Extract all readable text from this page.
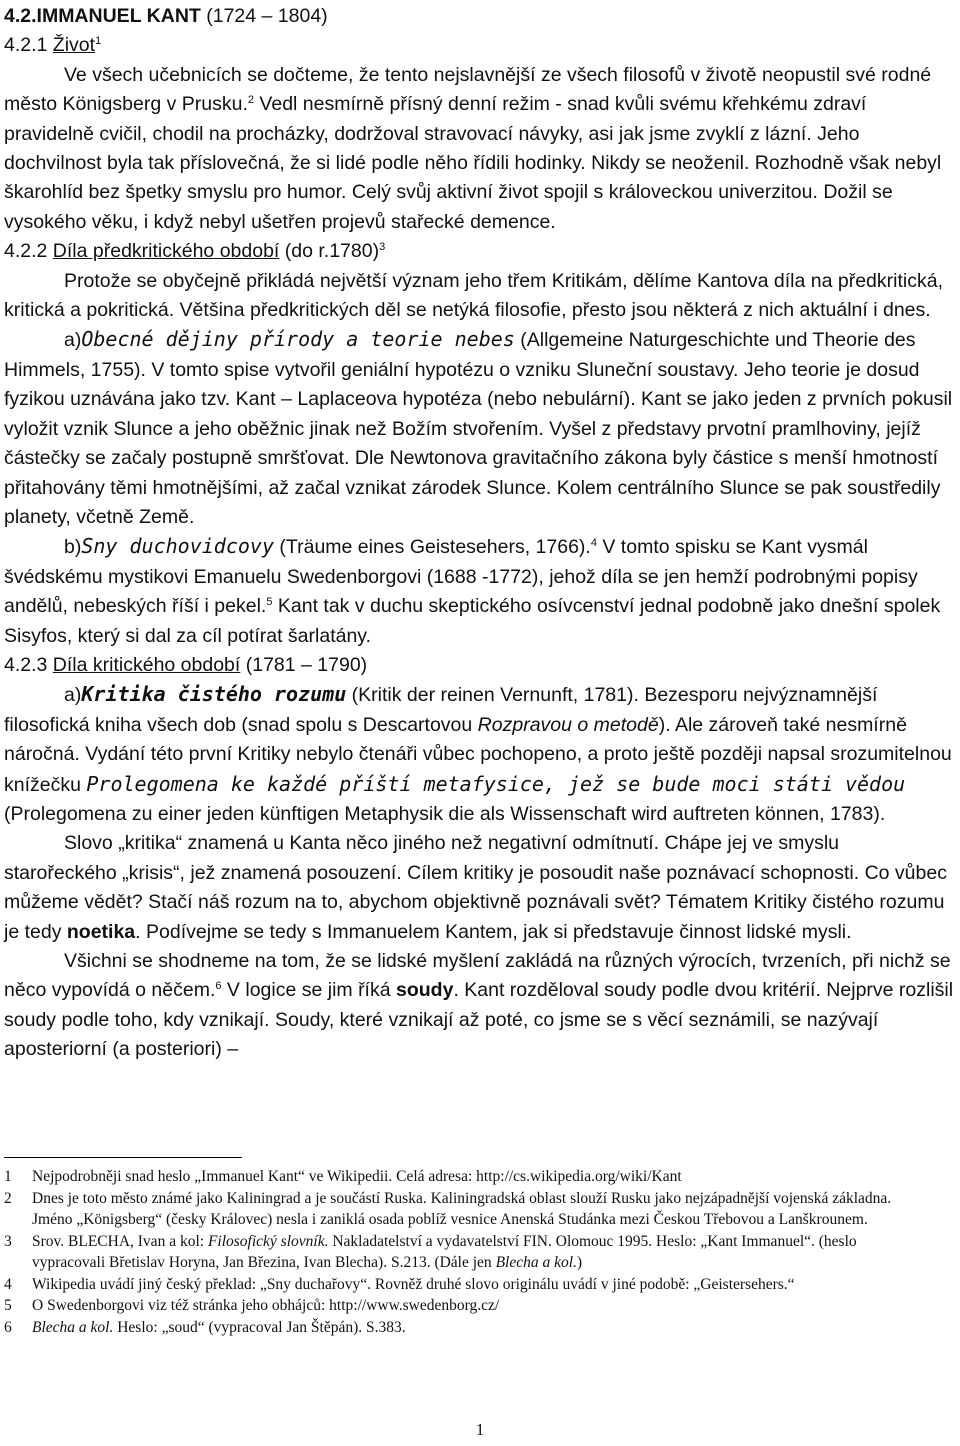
4.2.IMMANUEL KANT (1724 – 1804)

4.2.1 Život$^1$

Ve všech učebnicích se dočteme, že tento nejslavnější ze všech filosofů v životě neopustil své rodné město Königsberg v Prusku.$^2$ Vedl nesmírně přísný denní režim - snad kvůli svému křehkému zdraví pravidelně cvičil, chodil na procházky, dodržoval stravovací návyky, asi jak jsme zvyklí z lázní. Jeho dochvilnost byla tak příslovečná, že si lidé podle něho řídili hodinky. Nikdy se neoženil. Rozhodně však nebyl škarohlíd bez špetky smyslu pro humor. Celý svůj aktivní život spojil s královeckou univerzitou. Dožil se vysokého věku, i když nebyl ušetřen projevů stařecké demence.

4.2.2 Díla předkritického období (do r.1780)$^3$

Protože se obyčejně přikládá největší význam jeho třem Kritikám, dělíme Kantova díla na předkritická, kritická a pokritická. Většina předkritických děl se netýká filosofie, přesto jsou některá z nich aktuální i dnes.

a)Obecné dějiny přírody a teorie nebes (Allgemeine Naturgeschichte und Theorie des Himmels, 1755). V tomto spise vytvořil geniální hypotézu o vzniku Sluneční soustavy. Jeho teorie je dosud fyzikou uznávána jako tzv. Kant – Laplaceova hypotéza (nebo nebulární). Kant se jako jeden z prvních pokusil vyložit vznik Slunce a jeho oběžnic jinak než Božím stvořením. Vyšel z představy prvotní pramlhoviny, jejíž částečky se začaly postupně smršťovat. Dle Newtonova gravitačního zákona byly částice s menší hmotností přitahovány těmi hmotnějšími, až začal vznikat zárodek Slunce. Kolem centrálního Slunce se pak soustředily planety, včetně Země.

b)Sny duchovidcovy (Träume eines Geistesehers, 1766).$^4$ V tomto spisku se Kant vysmál švédskému mystikovi Emanuelu Swedenborgovi (1688 -1772), jehož díla se jen hemží podrobnými popisy andělů, nebeských říší i pekel.$^5$ Kant tak v duchu skeptického osívcenství jednal podobně jako dnešní spolek Sisyfos, který si dal za cíl potírat šarlatány.

4.2.3 Díla kritického období (1781 – 1790)

a)Kritika čistého rozumu (Kritik der reinen Vernunft, 1781). Bezesporu nejvýznamnější filosofická kniha všech dob (snad spolu s Descartovou Rozpravou o metodě). Ale zároveň také nesmírně náročná. Vydání této první Kritiky nebylo čtenáři vůbec pochopeno, a proto ještě později napsal srozumitelnou knížečku Prolegomena ke každé příští metafysice, jež se bude moci státi vědou (Prolegomena zu einer jeden künftigen Metaphysik die als Wissenschaft wird auftreten können, 1783).

Slovo „kritika“ znamená u Kanta něco jiného než negativní odmítnutí. Chápe jej ve smyslu starořeckého „krisis“, jež znamená posouzení. Cílem kritiky je posoudit naše poznávací schopnosti. Co vůbec můžeme vědět? Stačí náš rozum na to, abychom objektivně poznávali svět? Tématem Kritiky čistého rozumu je tedy noetika. Podívejme se tedy s Immanuelem Kantem, jak si představuje činnost lidské mysli.

Všichni se shodneme na tom, že se lidské myšlení zakládá na různých výrocích, tvrzeních, při nichž se něco vypovídá o něčem.$^6$ V logice se jim říká soudy. Kant rozděloval soudy podle dvou kritérií. Nejprve rozlišil soudy podle toho, kdy vznikají. Soudy, které vznikají až poté, co jsme se s věcí seznámili, se nazývají aposteriorní (a posteriori) –

1	Nejpodrobněji snad heslo „Immanuel Kant“ ve Wikipedii. Celá adresa: http://cs.wikipedia.org/wiki/Kant
2	Dnes je toto město známé jako Kaliningrad a je součástí Ruska. Kaliningradská oblast slouží Rusku jako nejzápadnější vojenská základna. Jméno „Königsberg“ (česky Královec) nesla i zaniklá osada poblíž vesnice Anenská Studánka mezi Českou Třebovou a Lanškrounem.
3	Srov. BLECHA, Ivan a kol: Filosofický slovník. Nakladatelství a vydavatelství FIN. Olomouc 1995. Heslo: „Kant Immanuel“. (heslo vypracovali Břetislav Horyna, Jan Březina, Ivan Blecha). S.213. (Dále jen Blecha a kol.)
4	Wikipedia uvádí jiný český překlad: „Sny duchařovy“. Rovněž druhé slovo originálu uvádí v jiné podobě: „Geistersehers.“
5	O Swedenborgovi viz též stránka jeho obhájců: http://www.swedenborg.cz/
6	Blecha a kol. Heslo: „soud“ (vypracoval Jan Štěpán). S.383.
1
